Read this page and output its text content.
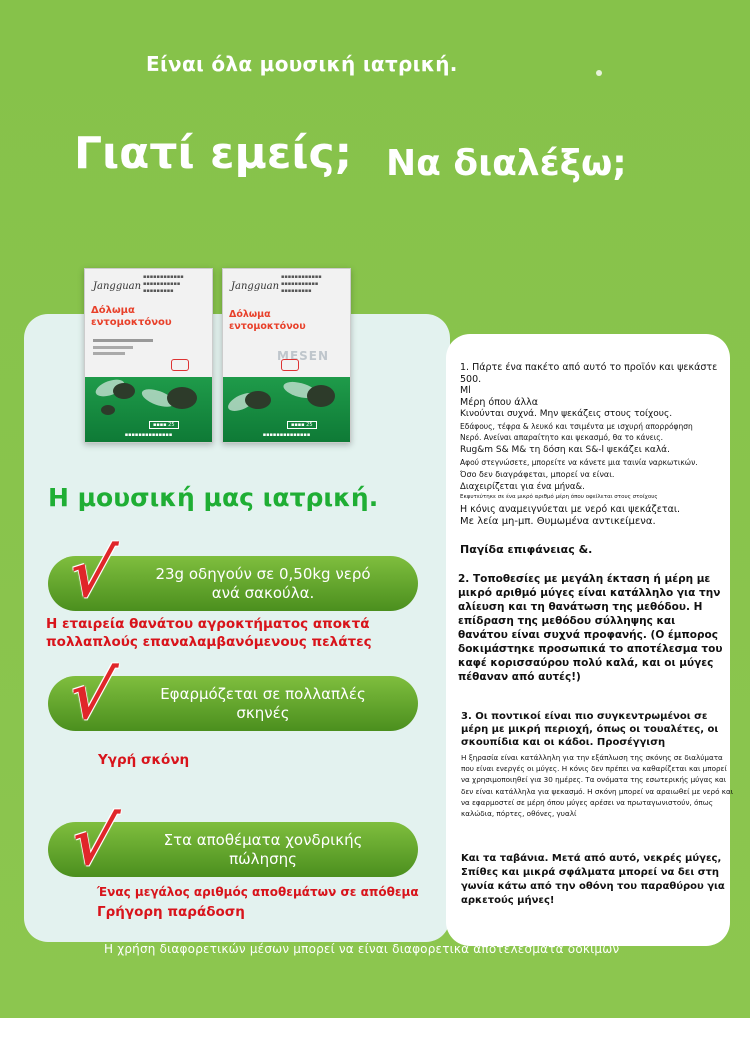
Είναι όλα μουσική ιατρική.
Γιατί εμείς; Να διαλέξω;
Jangguan
▪▪▪▪▪▪▪▪▪▪▪▪
▪▪▪▪▪▪▪▪▪▪▪
▪▪▪▪▪▪▪▪▪
Δόλωμα
εντομοκτόνου
▪▪▪▪ 25
▪▪▪▪▪▪▪▪▪▪▪▪▪▪
Jangguan
▪▪▪▪▪▪▪▪▪▪▪▪
▪▪▪▪▪▪▪▪▪▪▪
▪▪▪▪▪▪▪▪▪
Δόλωμα εντομοκτόνου
MESEN
▪▪▪▪ 25
▪▪▪▪▪▪▪▪▪▪▪▪▪▪
Η μουσική μας ιατρική.
23g οδηγούν σε 0,50kg νερό ανά σακούλα.
√
Η εταιρεία θανάτου αγροκτήματος αποκτά πολλαπλούς επαναλαμβανόμενους πελάτες
Εφαρμόζεται σε πολλαπλές σκηνές
√
Υγρή σκόνη
Στα αποθέματα χονδρικής πώλησης
√
Ένας μεγάλος αριθμός αποθεμάτων σε απόθεμα
Γρήγορη παράδοση
1. Πάρτε ένα πακέτο από αυτό το προϊόν και ψεκάστε 500.
Ml
Μέρη όπου άλλα
Κινούνται συχνά. Μην ψεκάζεις στους τοίχους.
Εδάφους, τέφρα & λευκό και τσιμέντα με ισχυρή απορρόφηση
Νερό. Ανείναι απαραίτητο και ψεκασμό, θα το κάνεις.
Rug&m S& M& τη δόση και S&-l ψεκάζει καλά.
Αφού στεγνώσετε, μπορείτε να κάνετε μια ταινία ναρκωτικών.
Όσο δεν διαγράφεται, μπορεί να είναι.
Διαχειρίζεται για ένα μήνα&.
Εκφυτεύτηκε σε ένα μικρό αριθμό μέρη όπου οφείλεται στους στοίχους
Η κόνις αναμειγνύεται με νερό και ψεκάζεται.
Με λεία μη-μπ. Θυμωμένα αντικείμενα.
Παγίδα επιφάνειας &.
2. Τοποθεσίες με μεγάλη έκταση ή μέρη με μικρό αριθμό μύγες είναι κατάλληλο για την αλίευση και τη θανάτωση της μεθόδου. Η επίδραση της μεθόδου σύλληψης και θανάτου είναι συχνά προφανής. (Ο έμπορος δοκιμάστηκε προσωπικά το αποτέλεσμα του καφέ κορισσαύρου πολύ καλά, και οι μύγες πέθαναν από αυτές!)
3. Οι ποντικοί είναι πιο συγκεντρωμένοι σε μέρη με μικρή περιοχή, όπως οι τουαλέτες, οι σκουπίδια και οι κάδοι. Προσέγγιση
Η ξηρασία είναι κατάλληλη για την εξάπλωση της σκόνης σε διαλύματα που είναι ενεργές οι μύγες. Η κόνις δεν πρέπει να καθαρίζεται και μπορεί να χρησιμοποιηθεί για 30 ημέρες. Τα ονόματα της εσωτερικής μύγας και δεν είναι κατάλληλα για ψεκασμό. Η σκόνη μπορεί να αραιωθεί με νερό και να εφαρμοστεί σε μέρη όπου μύγες αρέσει να πρωταγωνιστούν, όπως καλώδια, πόρτες, οθόνες, γυαλί
Και τα ταβάνια. Μετά από αυτό, νεκρές μύγες, Σπίθες και μικρά σφάλματα μπορεί να δει στη γωνία κάτω από την οθόνη του παραθύρου για αρκετούς μήνες!
Η χρήση διαφορετικών μέσων μπορεί να είναι διαφορετικά αποτελέσματα δοκιμών
